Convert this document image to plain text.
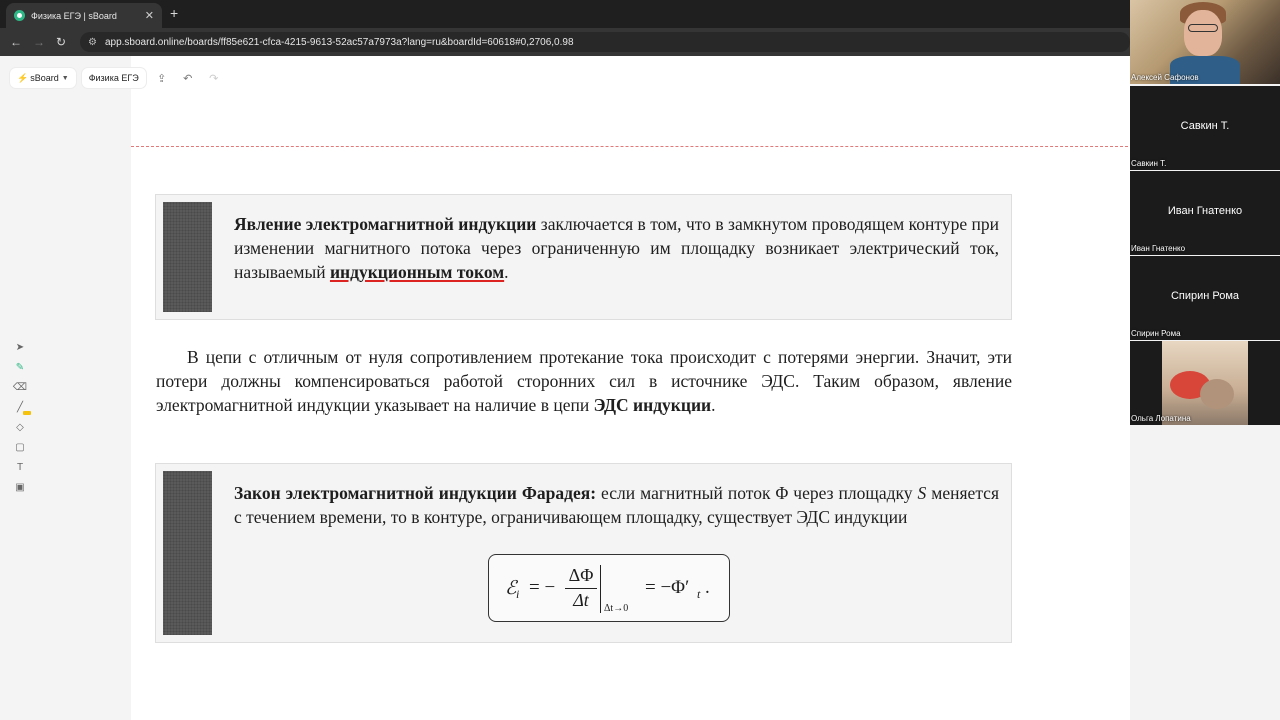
Физика ЕГЭ | sBoard	✕ +
← → ↻ ⚙ app.sboard.online/boards/ff85e621-cfca-4215-9613-52ac57a7973a?lang=ru&boardId=60618#0,2706,0.98
⚡ sBoard ▼	Физика ЕГЭ	⇪	↶	↷
➤
✎
⌫
╱
◇
▢
T
▣
Явление электромагнитной индукции заключается в том, что в замкнутом проводящем контуре при изменении магнитного потока через ограниченную им площадку возникает электрический ток, называемый индукционным током.
В цепи с отличным от нуля сопротивлением протекание тока происходит с потерями энергии. Значит, эти потери должны компенсироваться работой сторонних сил в источнике ЭДС. Таким образом, явление электромагнитной индукции указывает на наличие в цепи ЭДС индукции.
Закон электромагнитной индукции Фарадея: если магнитный поток Φ через площадку S меняется с течением времени, то в контуре, ограничивающем площадку, существует ЭДС индукции
ℰ i = − $\frac{\Delta\Phi}{\Delta t} \Delta t\to 0$
= −Φ′ t .
Алексей Сафонов
Савкин Т.
Савкин Т.
Иван Гнатенко
Иван Гнатенко
Спирин Рома
Спирин Рома
Ольга Лопатина
